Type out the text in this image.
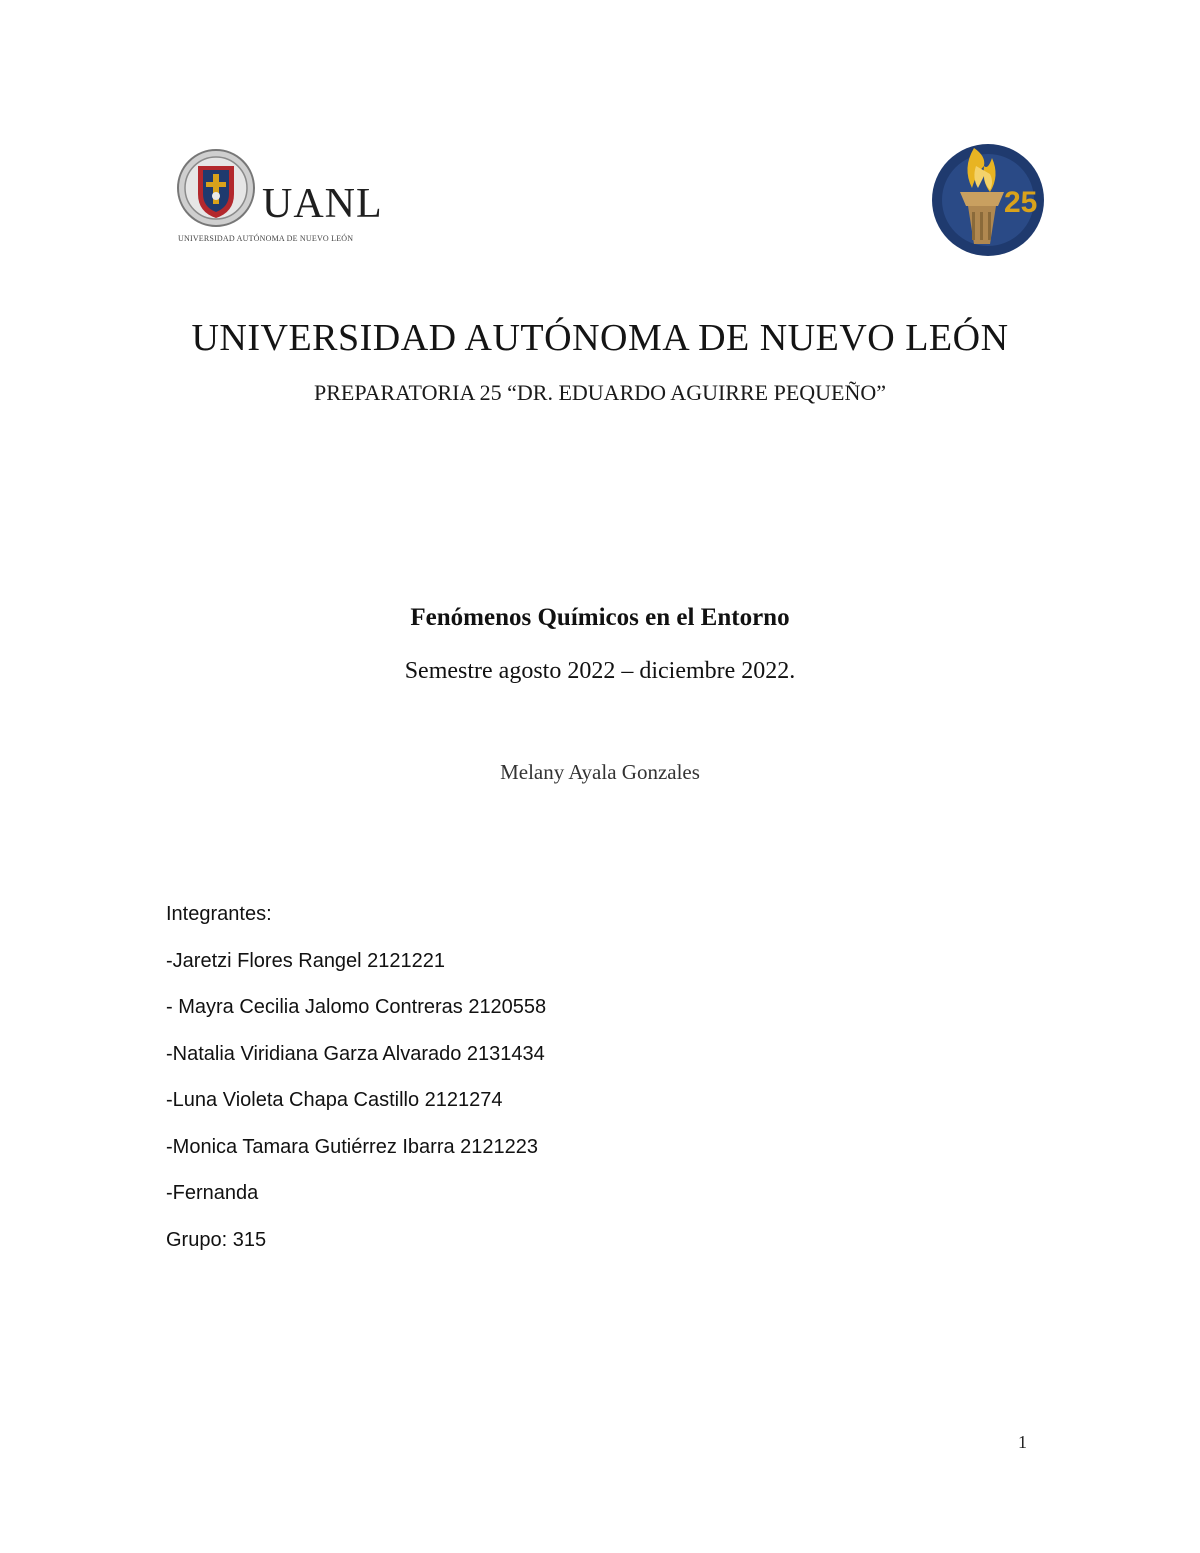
UANL
UNIVERSIDAD AUTÓNOMA DE NUEVO LEÓN
25
UNIVERSIDAD AUTÓNOMA DE NUEVO LEÓN
PREPARATORIA 25 “DR. EDUARDO AGUIRRE PEQUEÑO”
Fenómenos Químicos en el Entorno
Semestre agosto 2022 – diciembre 2022.
Melany Ayala Gonzales
Integrantes:
-Jaretzi Flores Rangel 2121221
- Mayra Cecilia Jalomo Contreras 2120558
-Natalia Viridiana Garza Alvarado 2131434
-Luna Violeta Chapa Castillo 2121274
-Monica Tamara Gutiérrez Ibarra 2121223
-Fernanda
Grupo: 315
1
